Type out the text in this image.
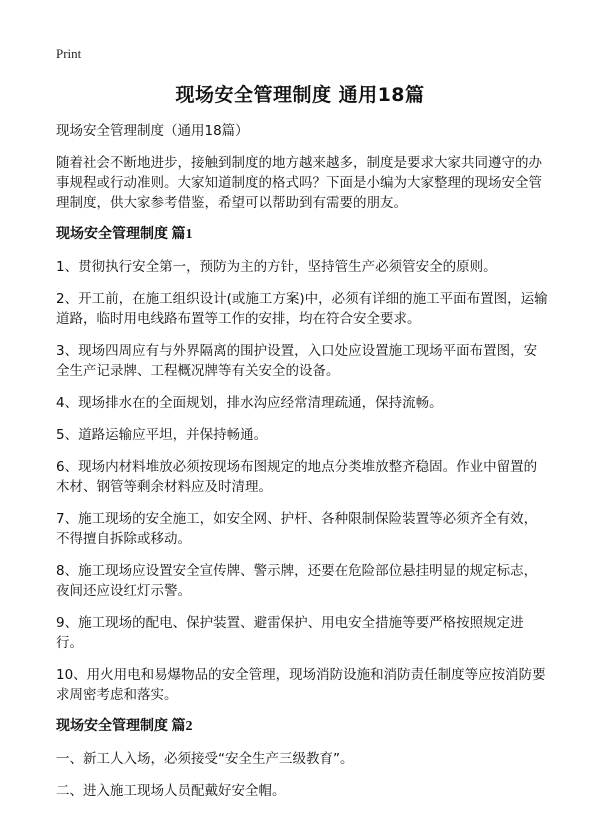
Print
现场安全管理制度 通用18篇

现场安全管理制度（通用18篇）

随着社会不断地进步，接触到制度的地方越来越多，制度是要求大家共同遵守的办事规程或行动准则。大家知道制度的格式吗？下面是小编为大家整理的现场安全管理制度，供大家参考借鉴，希望可以帮助到有需要的朋友。

现场安全管理制度 篇1

1、贯彻执行安全第一，预防为主的方针，坚持管生产必须管安全的原则。

2、开工前，在施工组织设计(或施工方案)中，必须有详细的施工平面布置图，运输道路，临时用电线路布置等工作的安排，均在符合安全要求。

3、现场四周应有与外界隔离的围护设置，入口处应设置施工现场平面布置图，安全生产记录牌、工程概况牌等有关安全的设备。

4、现场排水在的全面规划，排水沟应经常清理疏通，保持流畅。

5、道路运输应平坦，并保持畅通。

6、现场内材料堆放必须按现场布图规定的地点分类堆放整齐稳固。作业中留置的木材、钢管等剩余材料应及时清理。

7、施工现场的安全施工，如安全网、护杆、各种限制保险装置等必须齐全有效，不得擅自拆除或移动。

8、施工现场应设置安全宣传牌、警示牌，还要在危险部位悬挂明显的规定标志，夜间还应设红灯示警。

9、施工现场的配电、保护装置、避雷保护、用电安全措施等要严格按照规定进行。

10、用火用电和易爆物品的安全管理，现场消防设施和消防责任制度等应按消防要求周密考虑和落实。

现场安全管理制度 篇2

一、新工人入场，必须接受“安全生产三级教育”。

二、进入施工现场人员配戴好安全帽。
